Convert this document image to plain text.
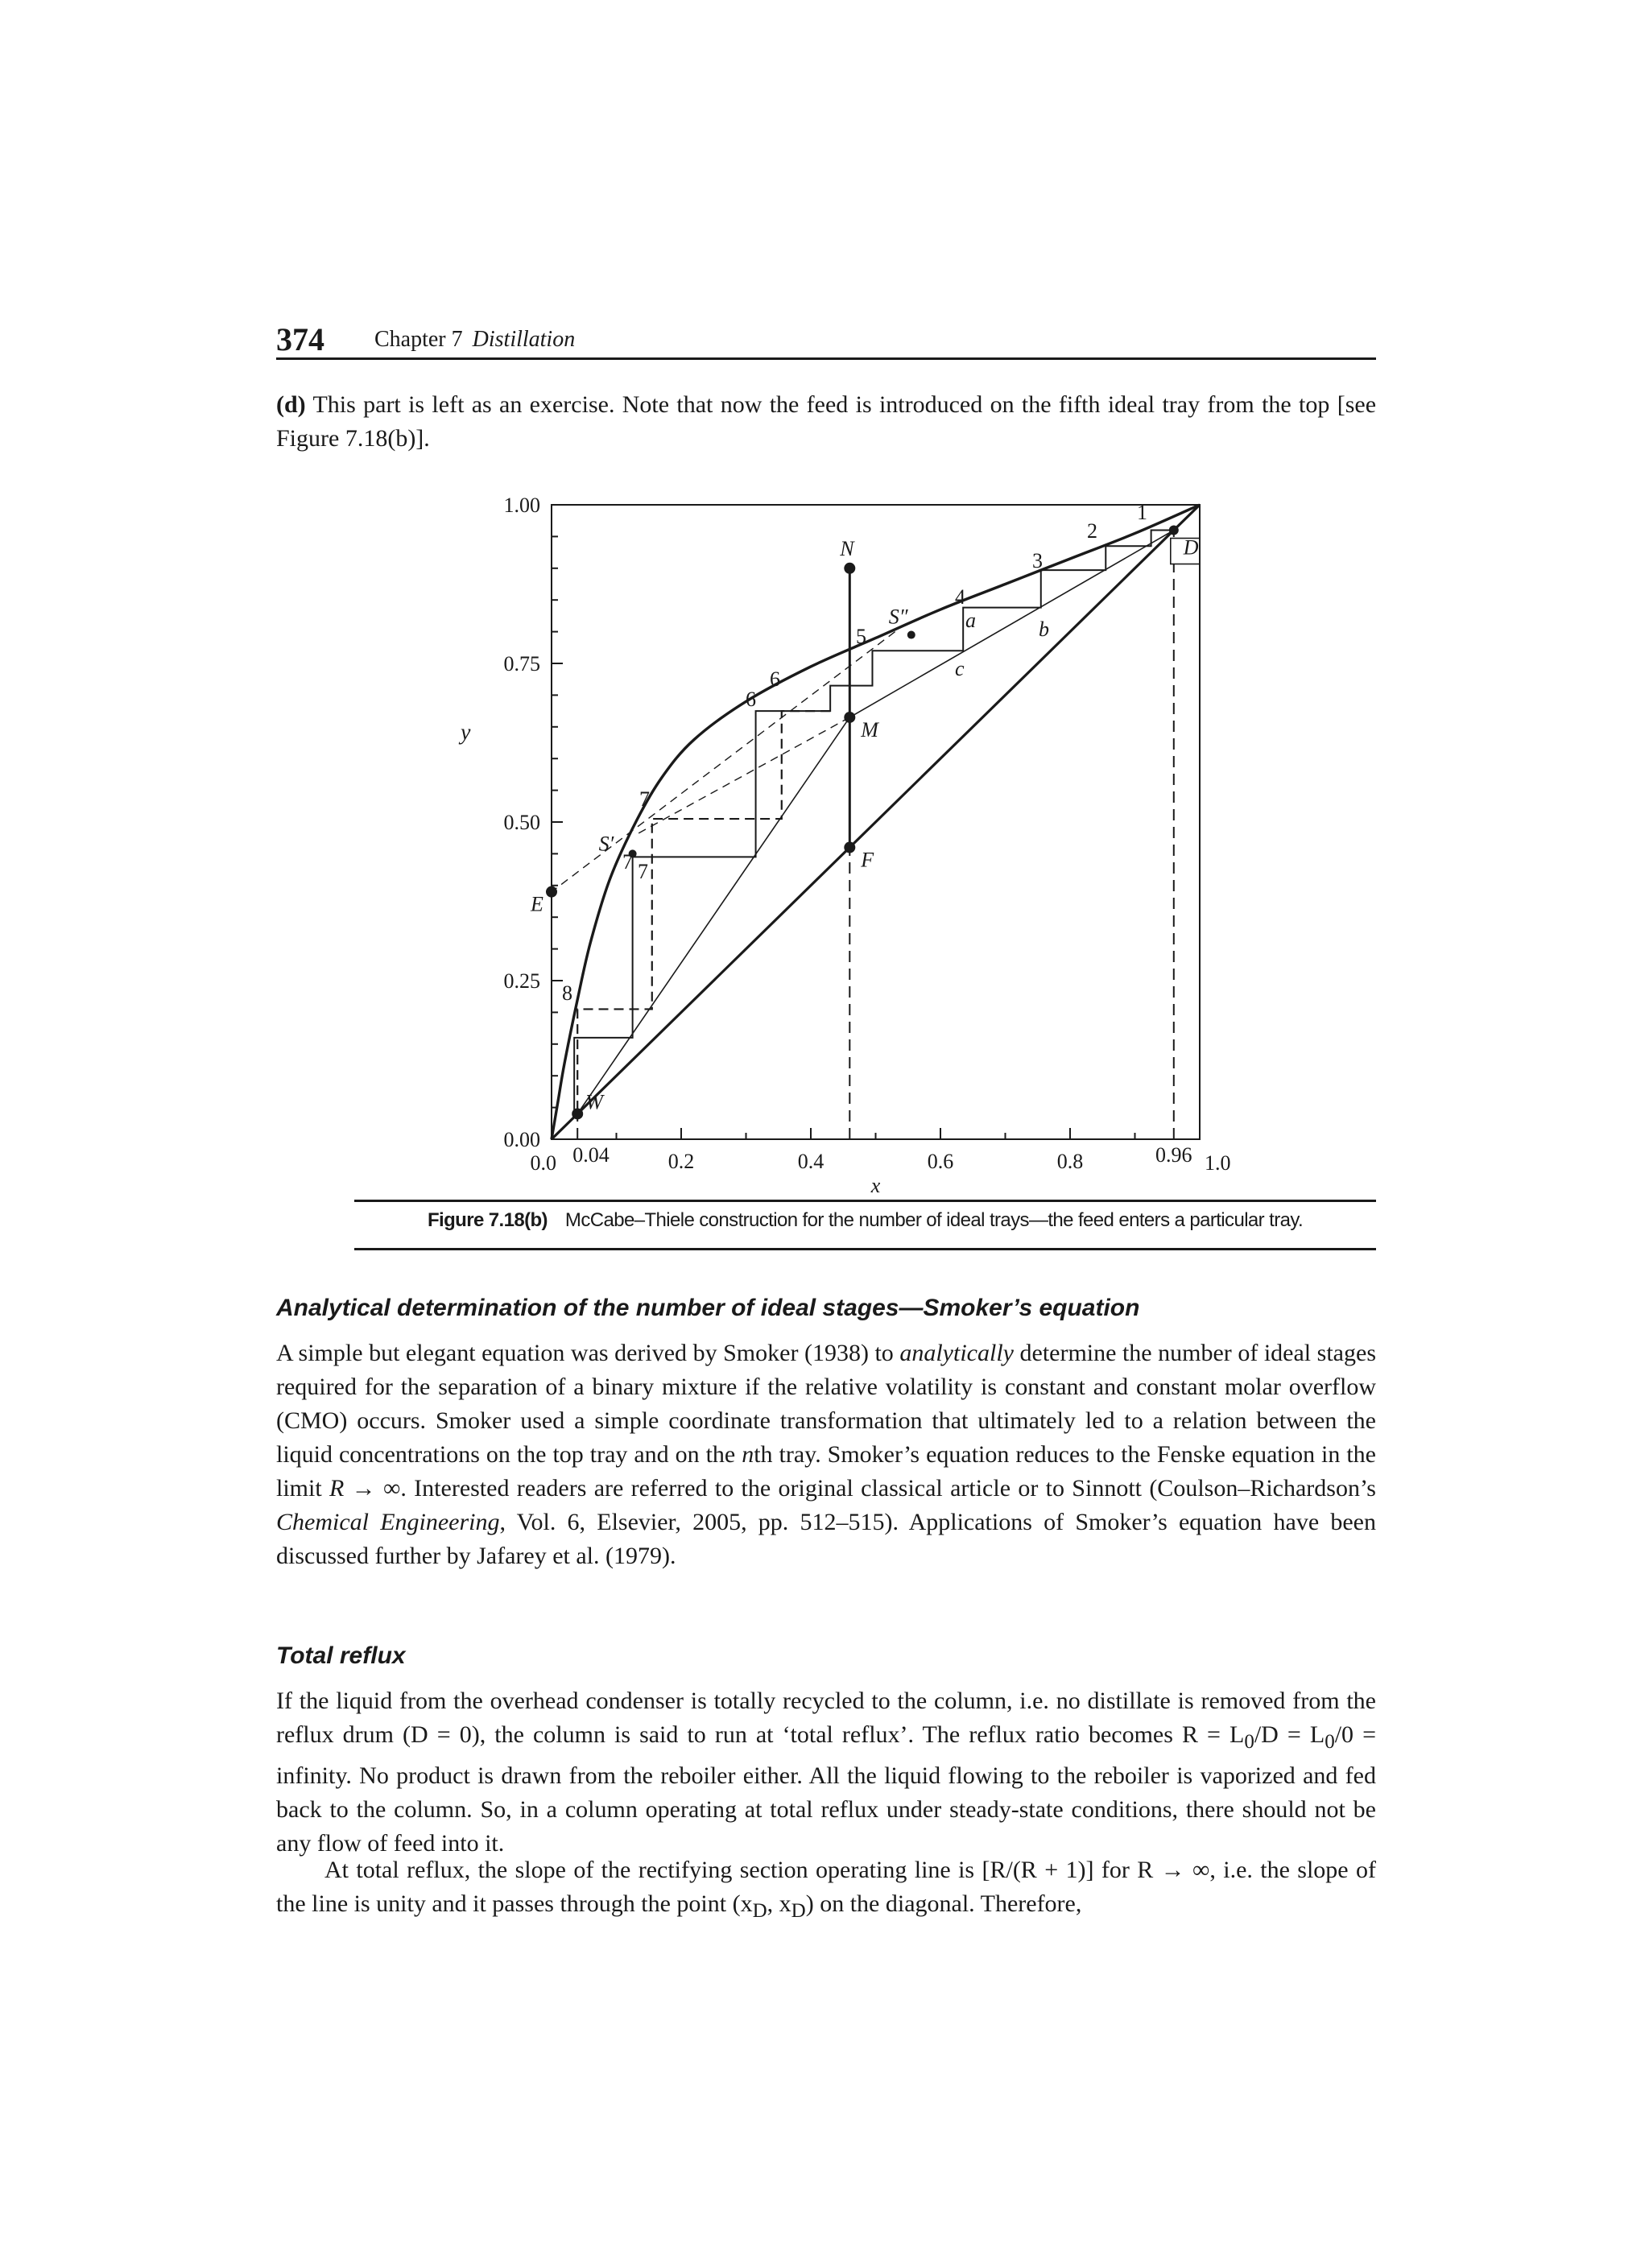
374 Chapter 7 Distillation

(d) This part is left as an exercise. Note that now the feed is introduced on the fifth ideal tray from the top [see Figure 7.18(b)].

0.00
0.25
0.50
0.75
1.00
0.0 0.04	0.2	0.4	0.6	0.8	0.96 1.0
x
y
N
S″
M
F
S′
E
W
D
1
2
3
4
5
6
6
7
7 7
8
a	b
c
Figure 7.18(b) McCabe–Thiele construction for the number of ideal trays—the feed enters a particular tray.
Analytical determination of the number of ideal stages—Smoker’s equation

A simple but elegant equation was derived by Smoker (1938) to analytically determine the number of ideal stages required for the separation of a binary mixture if the relative volatility is constant and constant molar overflow (CMO) occurs. Smoker used a simple coordinate transformation that ultimately led to a relation between the liquid concentrations on the top tray and on the nth tray. Smoker’s equation reduces to the Fenske equation in the limit R → ∞. Interested readers are referred to the original classical article or to Sinnott (Coulson–Richardson’s Chemical Engineering, Vol. 6, Elsevier, 2005, pp. 512–515). Applications of Smoker’s equation have been discussed further by Jafarey et al. (1979).

Total reflux

If the liquid from the overhead condenser is totally recycled to the column, i.e. no distillate is removed from the reflux drum (D = 0), the column is said to run at ‘total reflux’. The reflux ratio becomes $R = L_0/D = L_0/0$ = infinity. No product is drawn from the reboiler either. All the liquid flowing to the reboiler is vaporized and fed back to the column. So, in a column operating at total reflux under steady-state conditions, there should not be any flow of feed into it.

At total reflux, the slope of the rectifying section operating line is [R/(R + 1)] for R → ∞, i.e. the slope of the line is unity and it passes through the point ($x_D$, $x_D$) on the diagonal. Therefore,
